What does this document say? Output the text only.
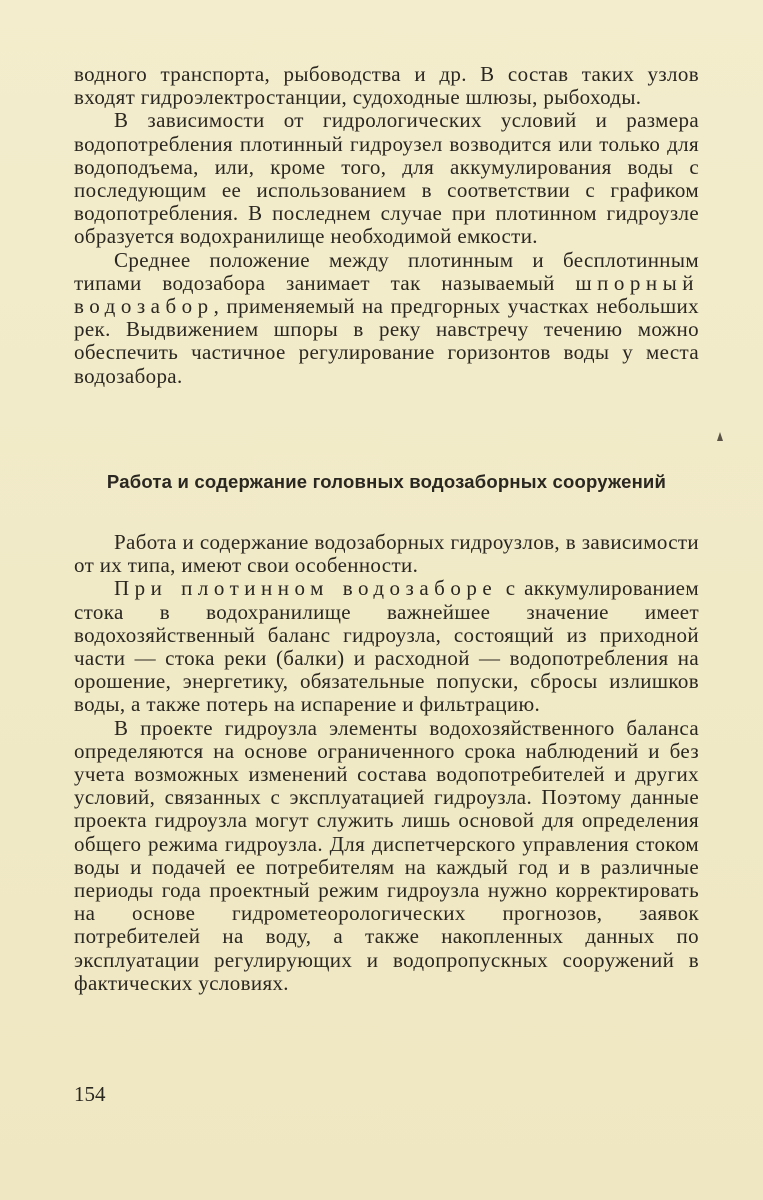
водного транспорта, рыбоводства и др. В состав таких узлов входят гидроэлектростанции, судоходные шлюзы, рыбоходы.

В зависимости от гидрологических условий и размера водопотребления плотинный гидроузел возводится или только для водоподъема, или, кроме того, для аккумулирования воды с последующим ее использованием в соответствии с графиком водопотребления. В последнем случае при плотинном гидроузле образуется водохранилище необходимой емкости.

Среднее положение между плотинным и бесплотинным типами водозабора занимает так называемый шпорный водозабор, применяемый на предгорных участках небольших рек. Выдвижением шпоры в реку навстречу течению можно обеспечить частичное регулирование горизонтов воды у места водозабора.

Работа и содержание головных водозаборных сооружений

Работа и содержание водозаборных гидроузлов, в зависимости от их типа, имеют свои особенности.

При плотинном водозаборе с аккумулированием стока в водохранилище важнейшее значение имеет водохозяйственный баланс гидроузла, состоящий из приходной части — стока реки (балки) и расходной — водопотребления на орошение, энергетику, обязательные попуски, сбросы излишков воды, а также потерь на испарение и фильтрацию.

В проекте гидроузла элементы водохозяйственного баланса определяются на основе ограниченного срока наблюдений и без учета возможных изменений состава водопотребителей и других условий, связанных с эксплуатацией гидроузла. Поэтому данные проекта гидроузла могут служить лишь основой для определения общего режима гидроузла. Для диспетчерского управления стоком воды и подачей ее потребителям на каждый год и в различные периоды года проектный режим гидроузла нужно корректировать на основе гидрометеорологических прогнозов, заявок потребителей на воду, а также накопленных данных по эксплуатации регулирующих и водопропускных сооружений в фактических условиях.

154
